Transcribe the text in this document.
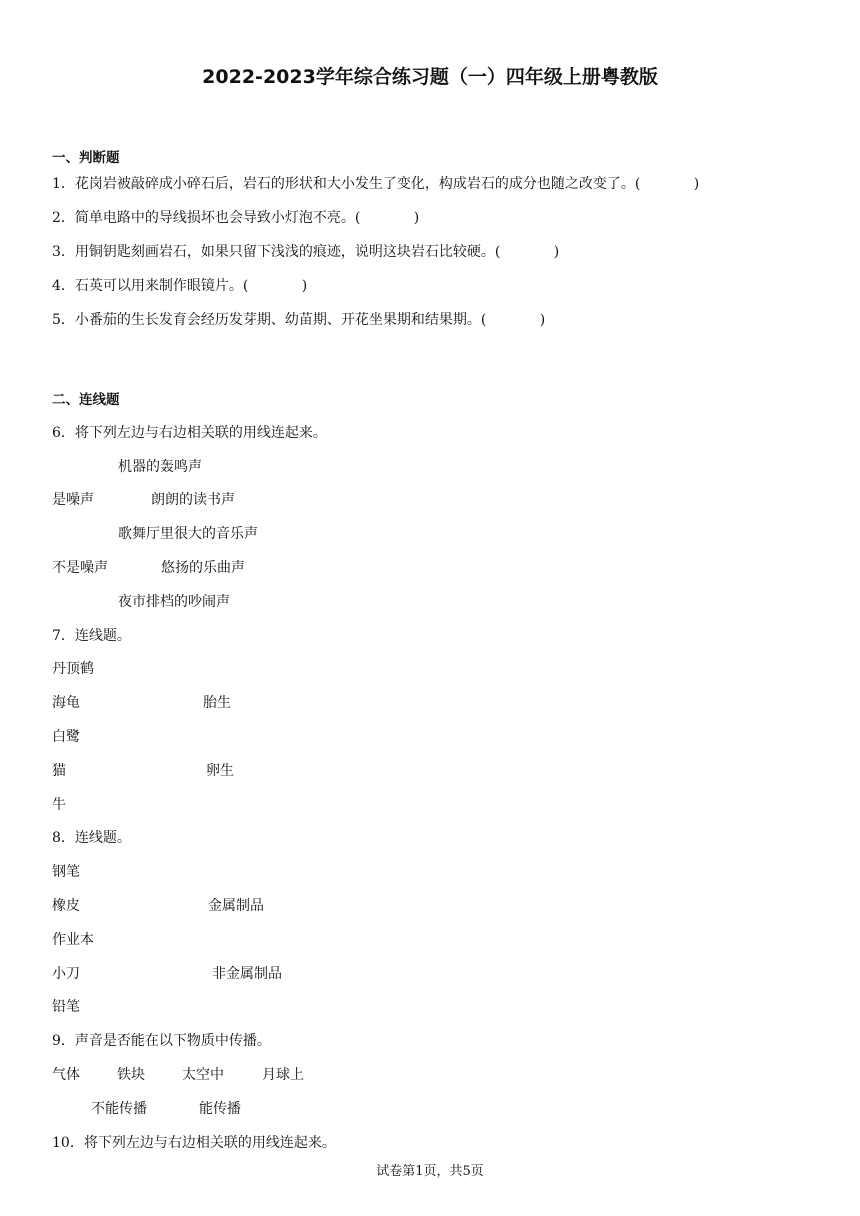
2022-2023学年综合练习题（一）四年级上册粤教版
一、判断题
1．花岗岩被敲碎成小碎石后，岩石的形状和大小发生了变化，构成岩石的成分也随之改变了。(            )
2．简单电路中的导线损坏也会导致小灯泡不亮。(            )
3．用铜钥匙刻画岩石，如果只留下浅浅的痕迹，说明这块岩石比较硬。(            )
4．石英可以用来制作眼镜片。(            )
5．小番茄的生长发育会经历发芽期、幼苗期、开花坐果期和结果期。(            )
二、连线题
6．将下列左边与右边相关联的用线连起来。
机器的轰鸣声
是噪声	朗朗的读书声
歌舞厅里很大的音乐声
不是噪声	悠扬的乐曲声
夜市排档的吵闹声
7．连线题。
丹顶鹤
海龟	胎生
白鹭
猫	卵生
牛
8．连线题。
钢笔
橡皮	金属制品
作业本
小刀	非金属制品
铅笔
9．声音是否能在以下物质中传播。
气体	铁块	太空中	月球上
不能传播	能传播
10．将下列左边与右边相关联的用线连起来。
试卷第1页，共5页
